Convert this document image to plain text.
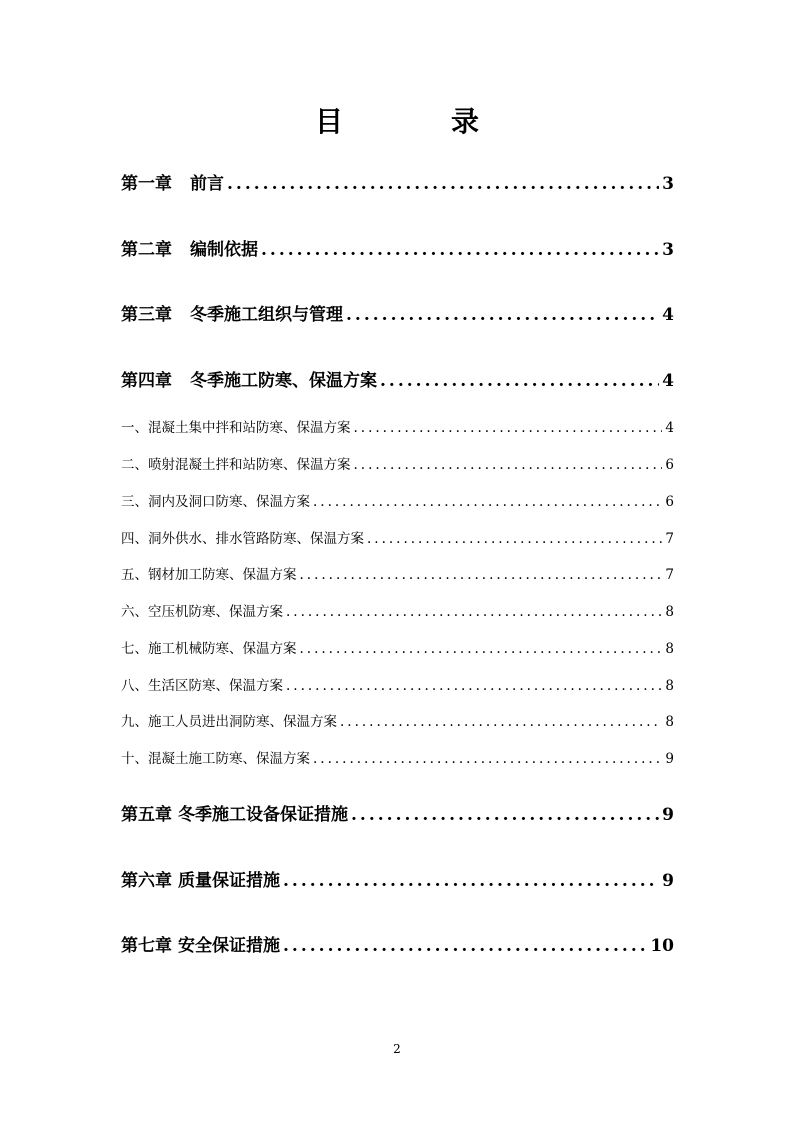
目　录
第一章 前言 .....	3
第二章 编制依据 .....	3
第三章 冬季施工组织与管理 .....	4
第四章 冬季施工防寒、保温方案 .....	4
一、混凝土集中拌和站防寒、保温方案 .....	4
二、喷射混凝土拌和站防寒、保温方案 .....	6
三、洞内及洞口防寒、保温方案 .....	6
四、洞外供水、排水管路防寒、保温方案 .....	7
五、钢材加工防寒、保温方案 .....	7
六、空压机防寒、保温方案 .....	8
七、施工机械防寒、保温方案 .....	8
八、生活区防寒、保温方案 .....	8
九、施工人员进出洞防寒、保温方案 .....	8
十、混凝土施工防寒、保温方案 .....	9
第五章 冬季施工设备保证措施 .....	9
第六章 质量保证措施 .....	9
第七章 安全保证措施 .....	10
2
